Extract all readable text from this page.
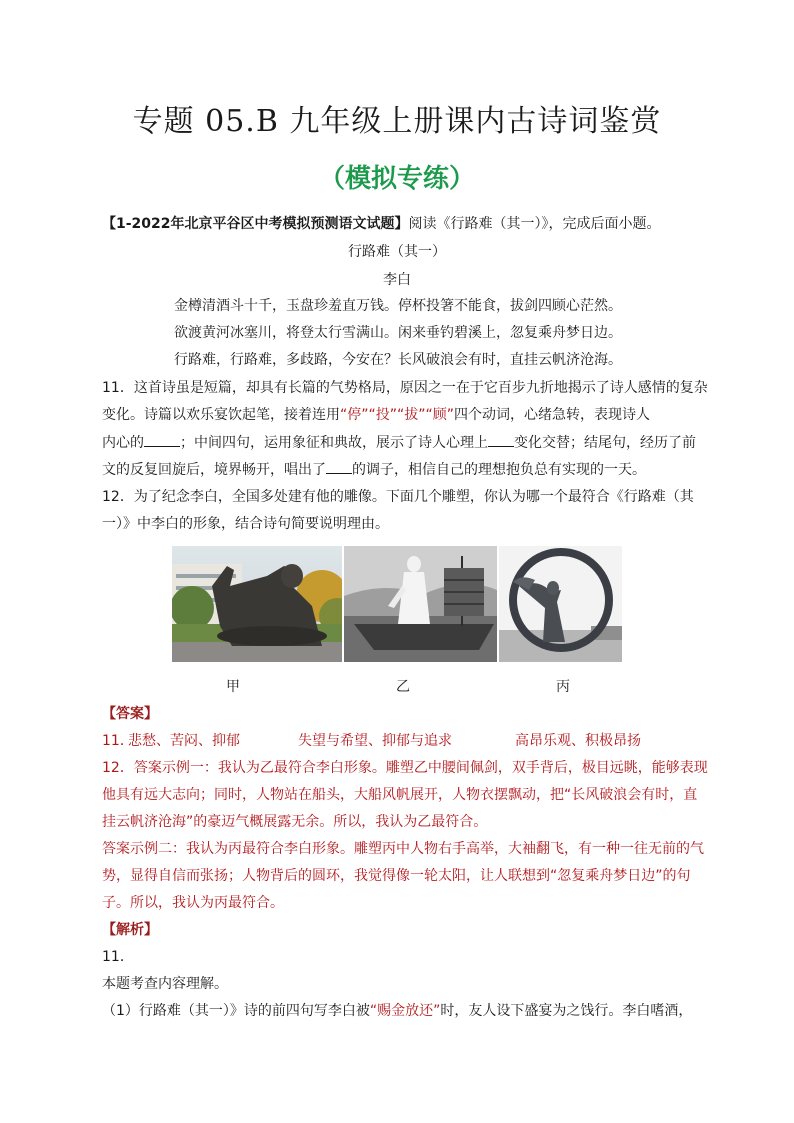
专题 05.B 九年级上册课内古诗词鉴赏
（模拟专练）
【1-2022年北京平谷区中考模拟预测语文试题】阅读《行路难（其一）》，完成后面小题。
行路难（其一）
李白
金樽清酒斗十千，玉盘珍羞直万钱。停杯投箸不能食，拔剑四顾心茫然。
欲渡黄河冰塞川，将登太行雪满山。闲来垂钓碧溪上，忽复乘舟梦日边。
行路难，行路难，多歧路，今安在？长风破浪会有时，直挂云帆济沧海。
11．这首诗虽是短篇，却具有长篇的气势格局，原因之一在于它百步九折地揭示了诗人感情的复杂
变化。诗篇以欢乐宴饮起笔，接着连用“停”“投”“拔”“顾”四个动词，心绪急转，表现诗人
内心的	；中间四句，运用象征和典故，展示了诗人心理上 变化交替；结尾句，经历了前
文的反复回旋后，境界畅开，唱出了 的调子，相信自己的理想抱负总有实现的一天。
12．为了纪念李白，全国多处建有他的雕像。下面几个雕塑，你认为哪一个最符合《行路难（其
一）》中李白的形象，结合诗句简要说明理由。
甲	乙	丙
【答案】
11．
悲愁、苦闷、抑郁	失望与希望、抑郁与追求	高昂乐观、积极昂扬
12．答案示例一：我认为乙最符合李白形象。雕塑乙中腰间佩剑，双手背后，极目远眺，能够表现
他具有远大志向；同时，人物站在船头，大船风帆展开，人物衣摆飘动，把“长风破浪会有时，直
挂云帆济沧海”的豪迈气概展露无余。所以，我认为乙最符合。
答案示例二：我认为丙最符合李白形象。雕塑丙中人物右手高举，大袖翻飞，有一种一往无前的气
势，显得自信而张扬；人物背后的圆环，我觉得像一轮太阳，让人联想到“忽复乘舟梦日边”的句
子。所以，我认为丙最符合。
【解析】
11．
本题考查内容理解。
（1）行路难（其一）》诗的前四句写李白被“赐金放还”时，友人设下盛宴为之饯行。李白嗜酒，
